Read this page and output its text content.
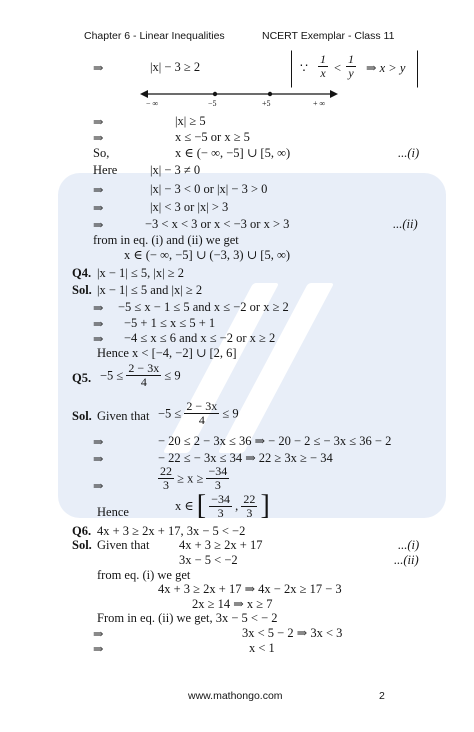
Chapter 6 - Linear Inequalities	NCERT Exemplar - Class 11
⇒	|x| − 3 ≥ 2	∵ $\frac{1}{x} < \frac{1}{y}$ ⇒ x > y
− ∞	−5	+5	+ ∞
⇒	|x| ≥ 5
⇒	x ≤ −5 or x ≥ 5
So,	x ∈ (− ∞, −5] ∪ [5, ∞)	...(i)
Here	|x| − 3 ≠ 0
⇒	|x| − 3 < 0 or |x| − 3 > 0
⇒	|x| < 3 or |x| > 3
⇒	−3 < x < 3 or x < −3 or x > 3	...(ii)
from in eq. (i) and (ii) we get
x ∈ (− ∞, −5] ∪ (−3, 3) ∪ [5, ∞)
Q4. |x − 1| ≤ 5, |x| ≥ 2
Sol. |x − 1| ≤ 5 and |x| ≥ 2
⇒ −5 ≤ x − 1 ≤ 5 and x ≤ −2 or x ≥ 2
⇒ −5 + 1 ≤ x ≤ 5 + 1
⇒ −4 ≤ x ≤ 6 and x ≤ −2 or x ≥ 2
Hence x < [−4, −2] ∪ [2, 6]
Q5. $-5 \le \frac{2 - 3x}{4} \le 9$
Sol. Given that $-5 \le \frac{2 - 3x}{4} \le 9$
⇒	− 20 ≤ 2 − 3x ≤ 36 ⇒ − 20 − 2 ≤ − 3x ≤ 36 − 2
⇒	− 22 ≤ − 3x ≤ 34 ⇒ 22 ≥ 3x ≥ − 34
⇒	$\frac{22}{3} \ge x \ge \frac{-34}{3}$
Hence	x ∈ [ $\frac{-34}{3}$ , $\frac{22}{3}$ ]
Q6. 4x + 3 ≥ 2x + 17, 3x − 5 < −2
Sol. Given that 4x + 3 ≥ 2x + 17	...(i)
3x − 5 < −2	...(ii)
from eq. (i) we get
4x + 3 ≥ 2x + 17 ⇒ 4x − 2x ≥ 17 − 3
2x ≥ 14 ⇒ x ≥ 7
From in eq. (ii) we get, 3x − 5 < − 2
⇒	3x < 5 − 2 ⇒ 3x < 3
⇒	x < 1
www.mathongo.com	2
